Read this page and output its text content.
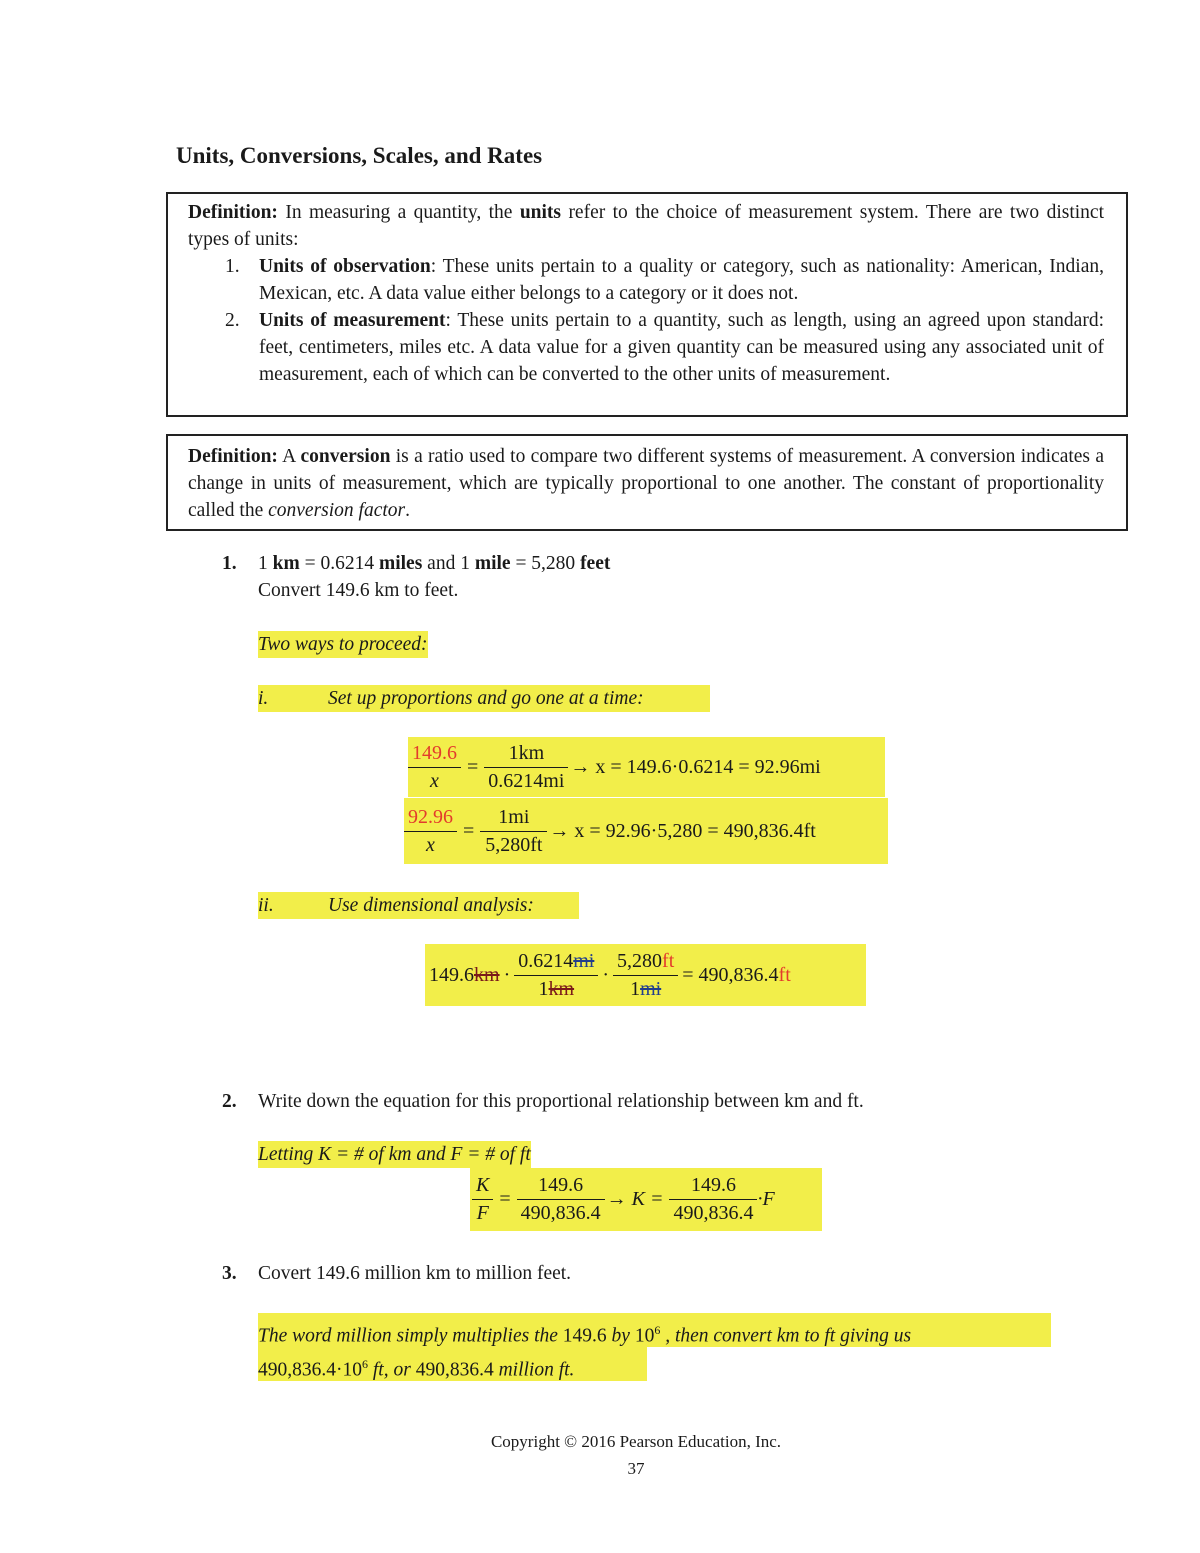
Units, Conversions, Scales, and Rates

Definition: In measuring a quantity, the units refer to the choice of measurement system. There are two distinct types of units:

1. Units of observation: These units pertain to a quality or category, such as nationality: American, Indian, Mexican, etc. A data value either belongs to a category or it does not.
2. Units of measurement: These units pertain to a quantity, such as length, using an agreed upon standard: feet, centimeters, miles etc. A data value for a given quantity can be measured using any associated unit of measurement, each of which can be converted to the other units of measurement.

Definition: A conversion is a ratio used to compare two different systems of measurement. A conversion indicates a change in units of measurement, which are typically proportional to one another. The constant of proportionality called the conversion factor.

1. 1 km = 0.6214 miles and 1 mile = 5,280 feet
Convert 149.6 km to feet.
Two ways to proceed:
i.	Set up proportions and go one at a time:
$\frac{149.6}{x} = \frac{1km}{0.6214mi} \to x = 149.6\cdot 0.6214 = 92.96mi$
$\frac{92.96}{x} = \frac{1mi}{5,280ft} \to x = 92.96\cdot 5,280 = 490,836.4ft$
ii.	Use dimensional analysis:
149.6 km · $\frac{0.6214mi}{1km} \cdot \frac{5,280ft}{1mi} = 490,836.4$ ft
2. Write down the equation for this proportional relationship between km and ft.
Letting K = # of km and F = # of ft
$\frac{K}{F} = \frac{149.6}{490,836.4} \to K = \frac{149.6}{490,836.4} \cdot F$
3. Covert 149.6 million km to million feet.
The word million simply multiplies the 149.6 by $10^6$ , then convert km to ft giving us
$490,836.4\cdot 10^6$ ft, or 490,836.4 million ft.
Copyright © 2016 Pearson Education, Inc.
37
